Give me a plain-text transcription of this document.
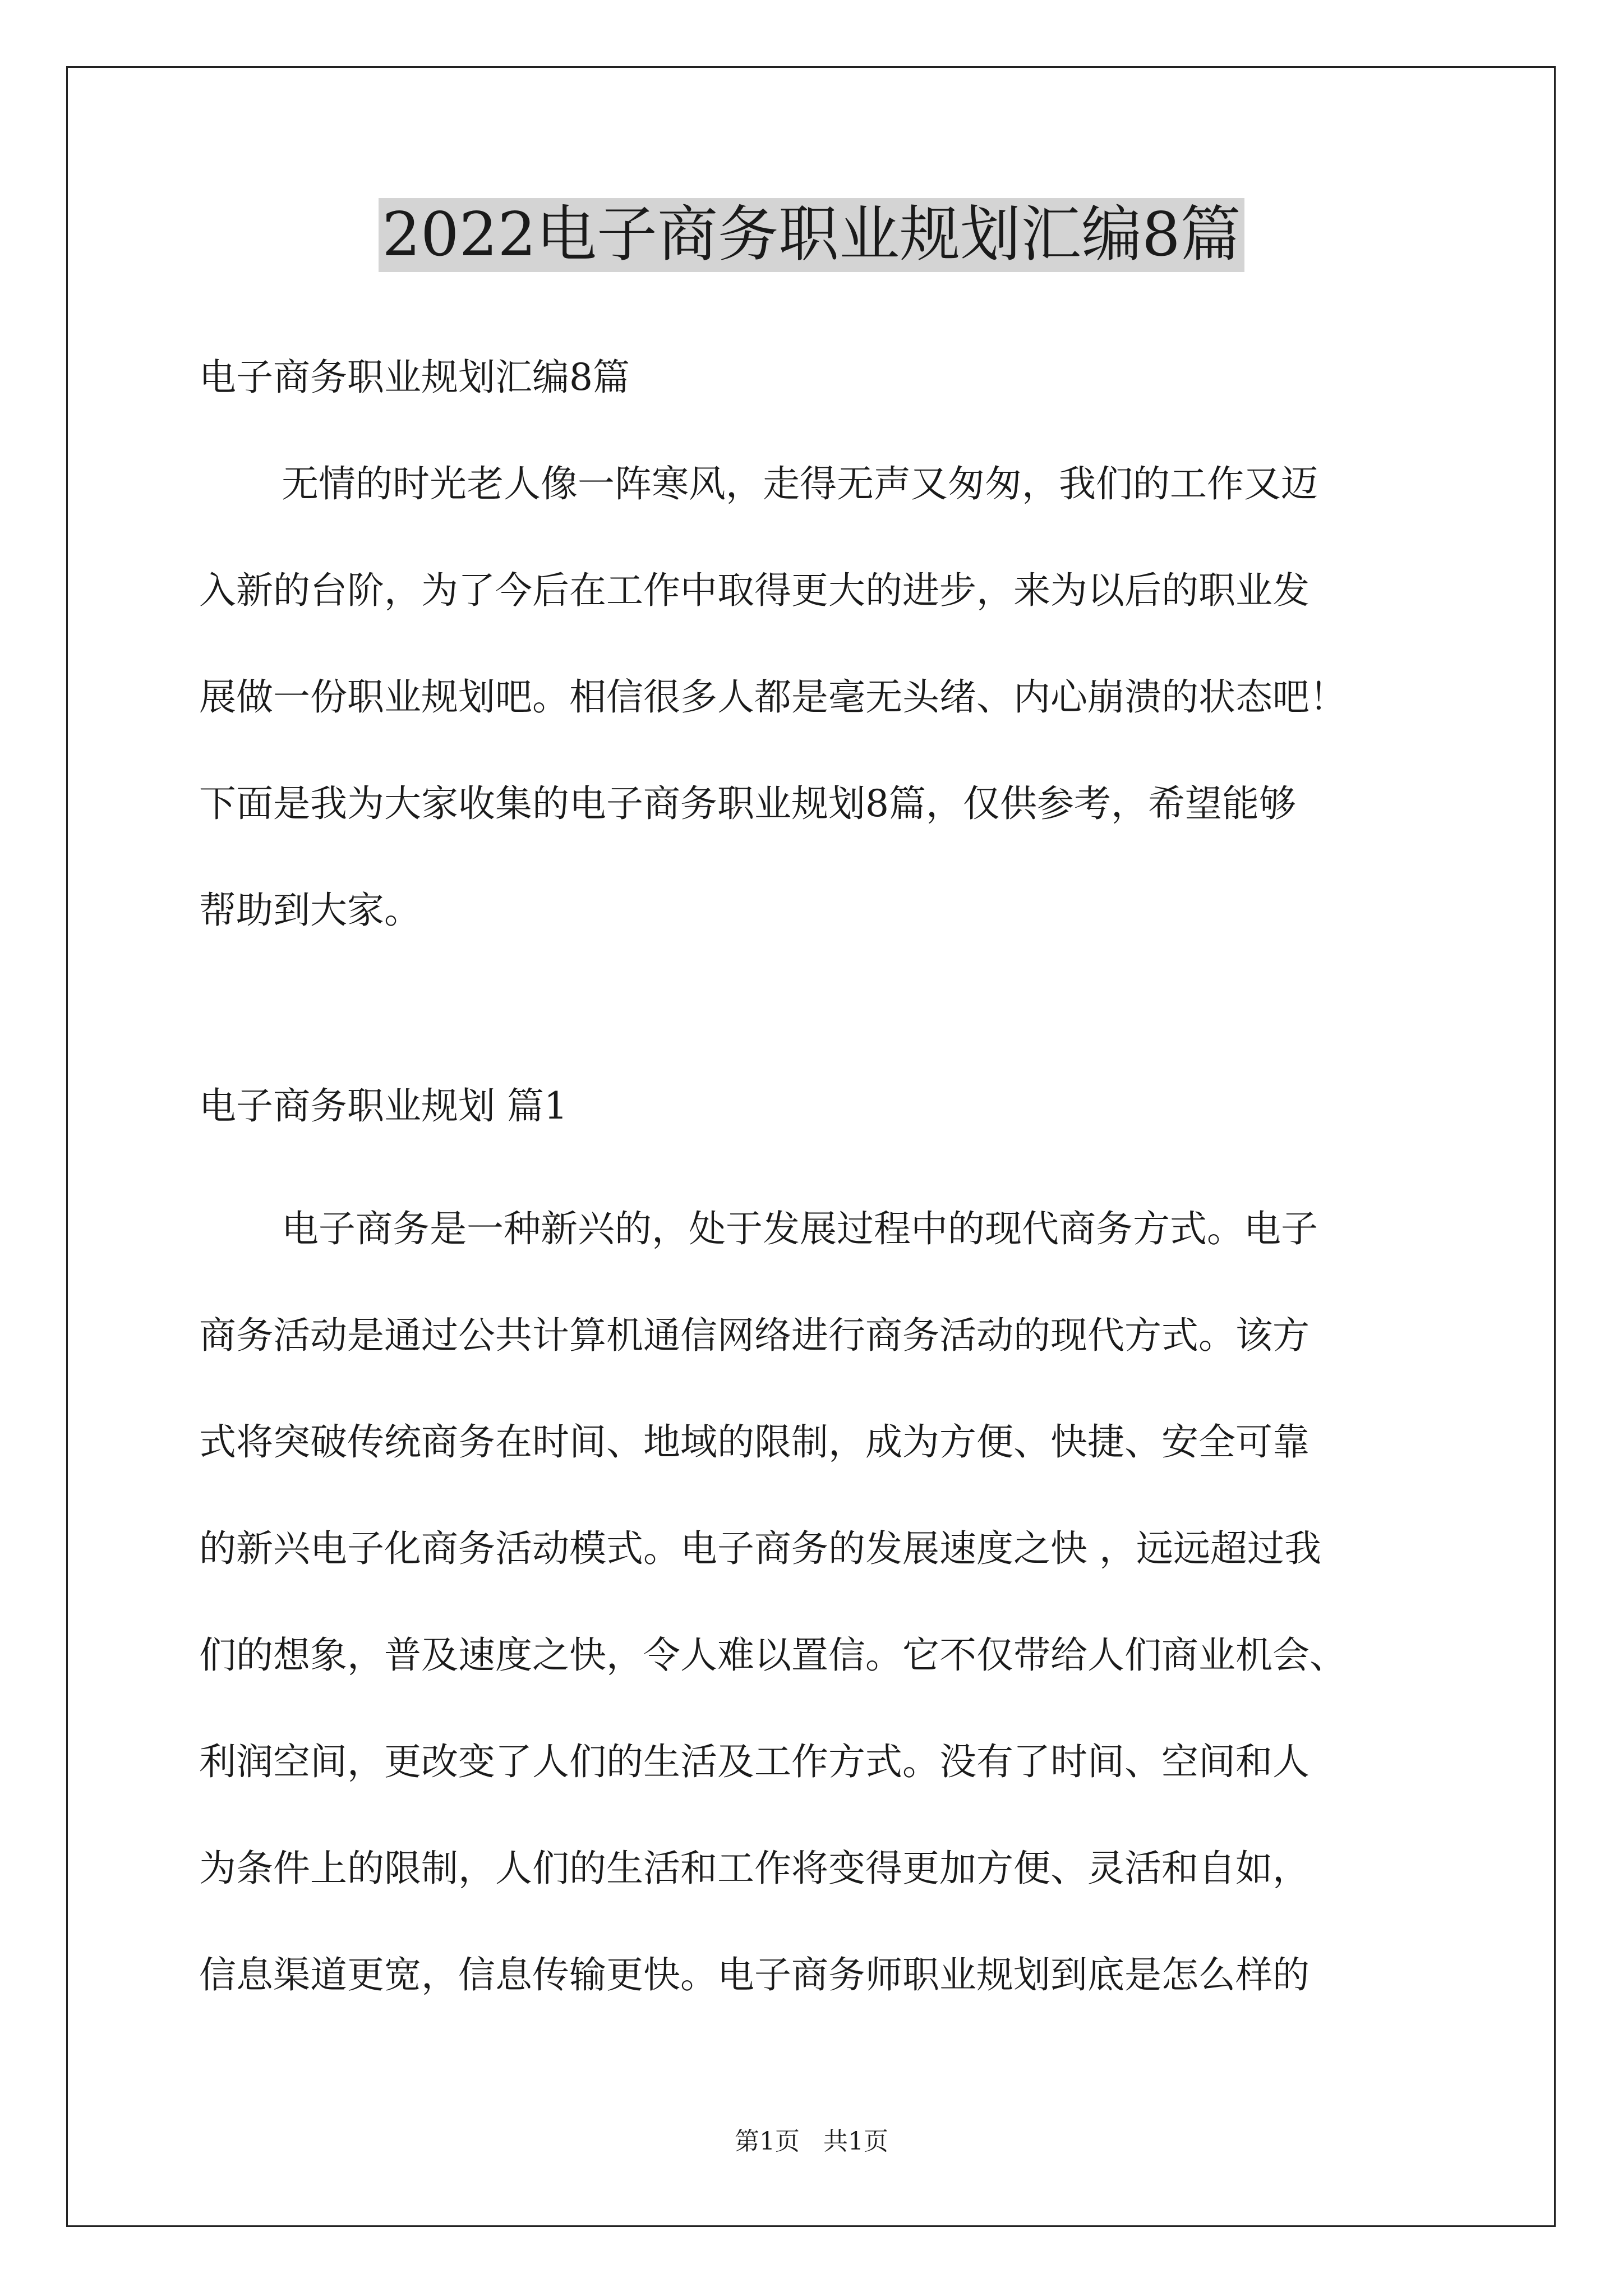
2022电子商务职业规划汇编8篇
电子商务职业规划汇编8篇
无情的时光老人像一阵寒风，走得无声又匆匆，我们的工作又迈
入新的台阶，为了今后在工作中取得更大的进步，来为以后的职业发
展做一份职业规划吧。相信很多人都是毫无头绪、内心崩溃的状态吧！
下面是我为大家收集的电子商务职业规划8篇，仅供参考，希望能够
帮助到大家。
电子商务职业规划 篇1
电子商务是一种新兴的，处于发展过程中的现代商务方式。电子
商务活动是通过公共计算机通信网络进行商务活动的现代方式。该方
式将突破传统商务在时间、地域的限制，成为方便、快捷、安全可靠
的新兴电子化商务活动模式。电子商务的发展速度之快 ，远远超过我
们的想象，普及速度之快，令人难以置信。它不仅带给人们商业机会、
利润空间，更改变了人们的生活及工作方式。没有了时间、空间和人
为条件上的限制，人们的生活和工作将变得更加方便、灵活和自如，
信息渠道更宽，信息传输更快。电子商务师职业规划到底是怎么样的
第1页   共1页
